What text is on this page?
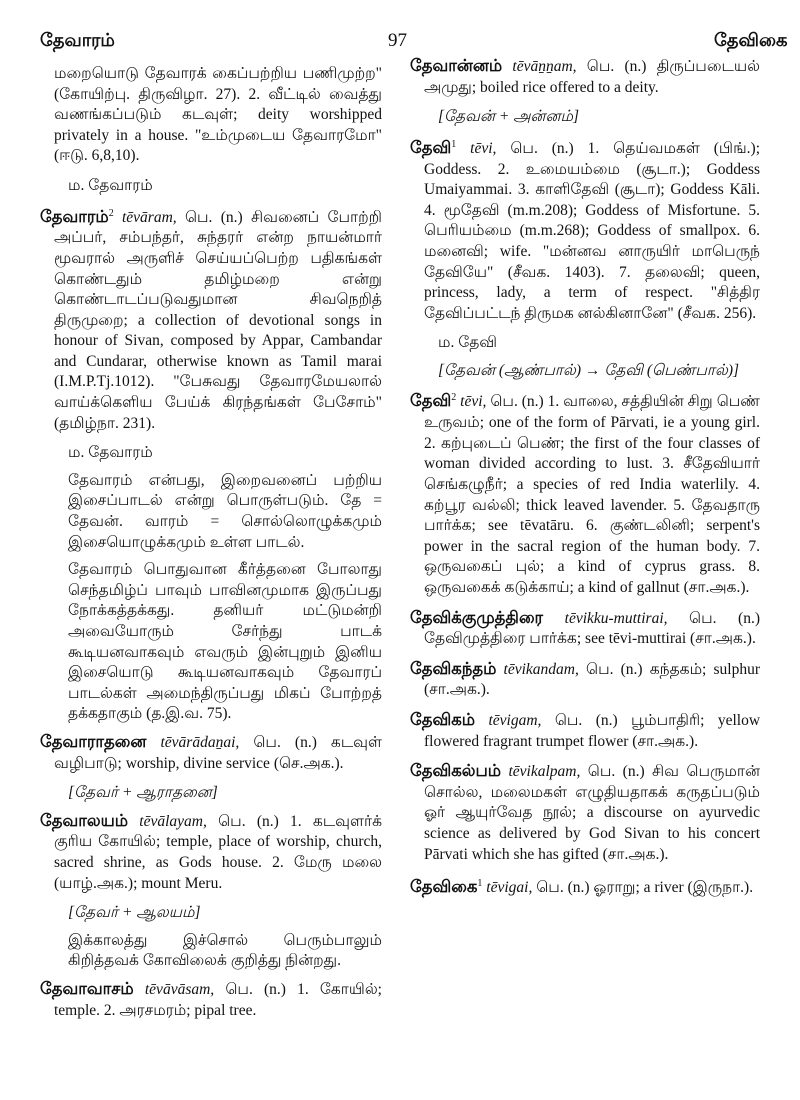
தேவாரம்	97	தேவிகை

மறையொடு தேவாரக் கைப்பற்றிய பணிமுற்ற" (கோயிற்பு. திருவிழா. 27). 2. வீட்டில் வைத்து வணங்கப்படும் கடவுள்; deity worshipped privately in a house. "உம்முடைய தேவாரமோ" (ஈடு. 6,8,10).

ம. தேவாரம்

தேவாரம்$^2$ tēvāram, பெ. (n.) சிவனைப் போற்றி அப்பர், சம்பந்தர், சுந்தரர் என்ற நாயன்மார் மூவரால் அருளிச் செய்யப்பெற்ற பதிகங்கள் கொண்டதும் தமிழ்மறை என்று கொண்டாடப்படுவதுமான சிவநெறித் திருமுறை; a collection of devotional songs in honour of Sivan, composed by Appar, Cambandar and Cundarar, otherwise known as Tamil marai (I.M.P.Tj.1012). "பேசுவது தேவாரமேயலால் வாய்க்கெளிய பேய்க் கிரந்தங்கள் பேசோம்" (தமிழ்நா. 231).

ம. தேவாரம்

தேவாரம் என்பது, இறைவனைப் பற்றிய இசைப்பாடல் என்று பொருள்படும். தே = தேவன். வாரம் = சொல்லொழுக்கமும் இசையொழுக்கமும் உள்ள பாடல்.

தேவாரம் பொதுவான கீர்த்தனை போலாது செந்தமிழ்ப் பாவும் பாவினமுமாக இருப்பது நோக்கத்தக்கது. தனியர் மட்டுமன்றி அவையோரும் சேர்ந்து பாடக் கூடியனவாகவும் எவரும் இன்புறும் இனிய இசையொடு கூடியனவாகவும் தேவாரப் பாடல்கள் அமைந்திருப்பது மிகப் போற்றத் தக்கதாகும் (த.இ.வ. 75).

தேவாராதனை tēvārādaṉai, பெ. (n.) கடவுள் வழிபாடு; worship, divine service (செ.அக.).

[தேவர் + ஆராதனை]

தேவாலயம் tēvālayam, பெ. (n.) 1. கடவுளர்க் குரிய கோயில்; temple, place of worship, church, sacred shrine, as Gods house. 2. மேரு மலை (யாழ்.அக.); mount Meru.

[தேவர் + ஆலயம்]

இக்காலத்து இச்சொல் பெரும்பாலும் கிறித்தவக் கோவிலைக் குறித்து நின்றது.

தேவாவாசம் tēvāvāsam, பெ. (n.) 1. கோயில்; temple. 2. அரசமரம்; pipal tree.

தேவான்னம் tēvāṉṉam, பெ. (n.) திருப்படையல் அமுது; boiled rice offered to a deity.

[தேவன் + அன்னம்]

தேவி$^1$ tēvi, பெ. (n.) 1. தெய்வமகள் (பிங்.); Goddess. 2. உமையம்மை (சூடா.); Goddess Umaiyammai. 3. காளிதேவி (சூடா); Goddess Kāli. 4. மூதேவி (m.m.208); Goddess of Misfortune. 5. பெரியம்மை (m.m.268); Goddess of smallpox. 6. மனைவி; wife. "மன்னவ னாருயிர் மாபெருந் தேவியே" (சீவக. 1403). 7. தலைவி; queen, princess, lady, a term of respect. "சித்திர தேவிப்பட்டந் திருமக னல்கினானே" (சீவக. 256).

ம. தேவி

[தேவன் (ஆண்பால்) → தேவி (பெண்பால்)]

தேவி$^2$ tēvi, பெ. (n.) 1. வாலை, சத்தியின் சிறு பெண் உருவம்; one of the form of Pārvati, ie a young girl. 2. கற்புடைப் பெண்; the first of the four classes of woman divided according to lust. 3. சீதேவியார் செங்கழுநீர்; a species of red India waterlily. 4. கற்பூர வல்லி; thick leaved lavender. 5. தேவதாரு பார்க்க; see tēvatāru. 6. குண்டலினி; serpent's power in the sacral region of the human body. 7. ஒருவகைப் புல்; a kind of cyprus grass. 8. ஒருவகைக் கடுக்காய்; a kind of gallnut (சா.அக.).

தேவிக்குமுத்திரை tēvikku-muttirai, பெ. (n.) தேவிமுத்திரை பார்க்க; see tēvi-muttirai (சா.அக.).

தேவிகந்தம் tēvikandam, பெ. (n.) கந்தகம்; sulphur (சா.அக.).

தேவிகம் tēvigam, பெ. (n.) பூம்பாதிரி; yellow flowered fragrant trumpet flower (சா.அக.).

தேவிகல்பம் tēvikalpam, பெ. (n.) சிவ பெருமான் சொல்ல, மலைமகள் எழுதியதாகக் கருதப்படும் ஓர் ஆயுர்வேத நூல்; a discourse on ayurvedic science as delivered by God Sivan to his concert Pārvati which she has gifted (சா.அக.).

தேவிகை$^1$ tēvigai, பெ. (n.) ஓராறு; a river (இருநா.).
